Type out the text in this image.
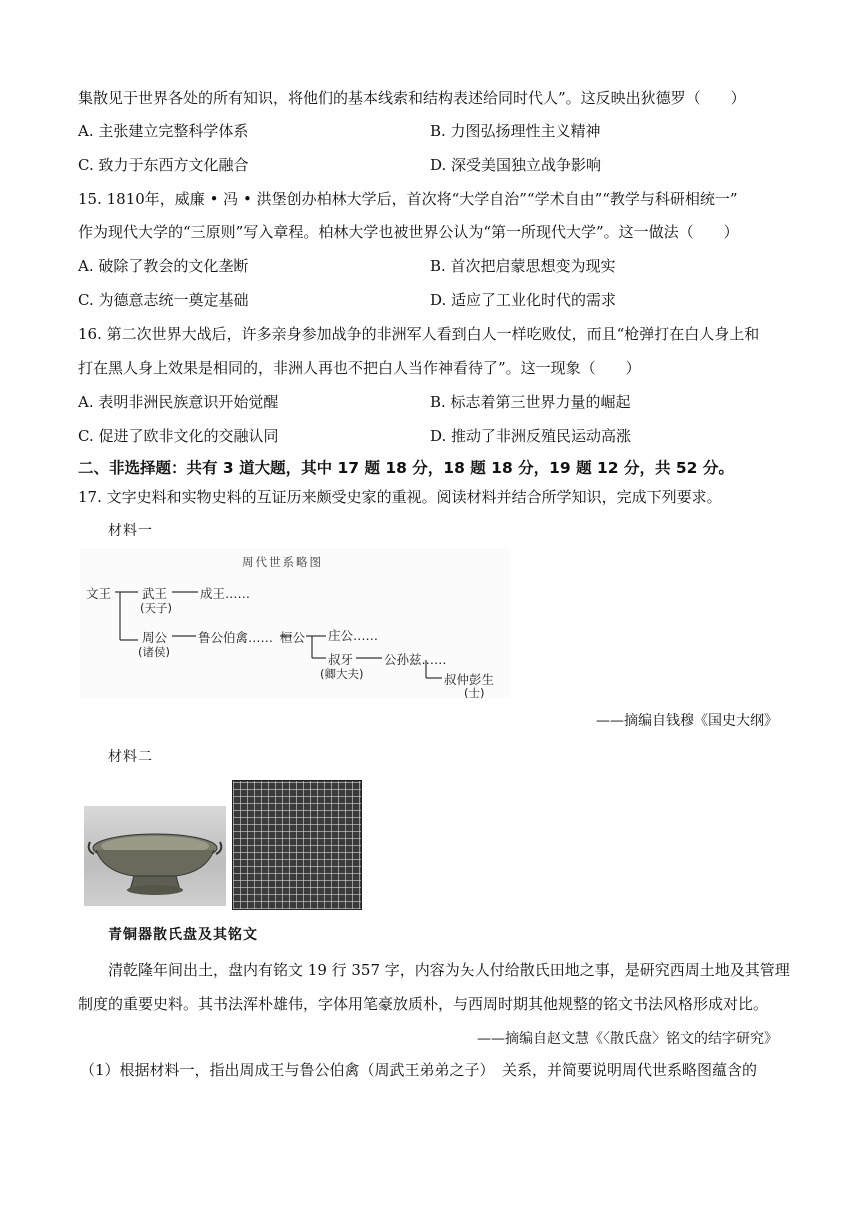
集散见于世界各处的所有知识，将他们的基本线索和结构表述给同时代人”。这反映出狄德罗（　　）
A. 主张建立完整科学体系	B. 力图弘扬理性主义精神
C. 致力于东西方文化融合	D. 深受美国独立战争影响
15. 1810年，威廉 • 冯 • 洪堡创办柏林大学后，首次将“大学自治”“学术自由”“教学与科研相统一”
作为现代大学的“三原则”写入章程。柏林大学也被世界公认为“第一所现代大学”。这一做法（　　）
A. 破除了教会的文化垄断	B. 首次把启蒙思想变为现实
C. 为德意志统一奠定基础	D. 适应了工业化时代的需求
16. 第二次世界大战后，许多亲身参加战争的非洲军人看到白人一样吃败仗，而且“枪弹打在白人身上和
打在黑人身上效果是相同的，非洲人再也不把白人当作神看待了”。这一现象（　　）
A. 表明非洲民族意识开始觉醒	B. 标志着第三世界力量的崛起
C. 促进了欧非文化的交融认同	D. 推动了非洲反殖民运动高涨
二、非选择题：共有 3 道大题，其中 17 题 18 分，18 题 18 分，19 题 12 分，共 52 分。
17. 文字史料和实物史料的互证历来颇受史家的重视。阅读材料并结合所学知识，完成下列要求。
材料一
周代世系略图
文王 武王
(天子)
成王……
周公
(诸侯)
鲁公伯禽…… 桓公 庄公……
叔牙
(卿大夫)
公孙兹……
叔仲彭生
(士)
——摘编自钱穆《国史大纲》
材料二
青铜器散氏盘及其铭文
清乾隆年间出土，盘内有铭文 19 行 357 字，内容为夨人付给散氏田地之事，是研究西周土地及其管理
制度的重要史料。其书法浑朴雄伟，字体用笔豪放质朴，与西周时期其他规整的铭文书法风格形成对比。
——摘编自赵文慧《〈散氏盘〉铭文的结字研究》
（1）根据材料一，指出周成王与鲁公伯禽（周武王弟弟之子）　关系，并简要说明周代世系略图蕴含的
